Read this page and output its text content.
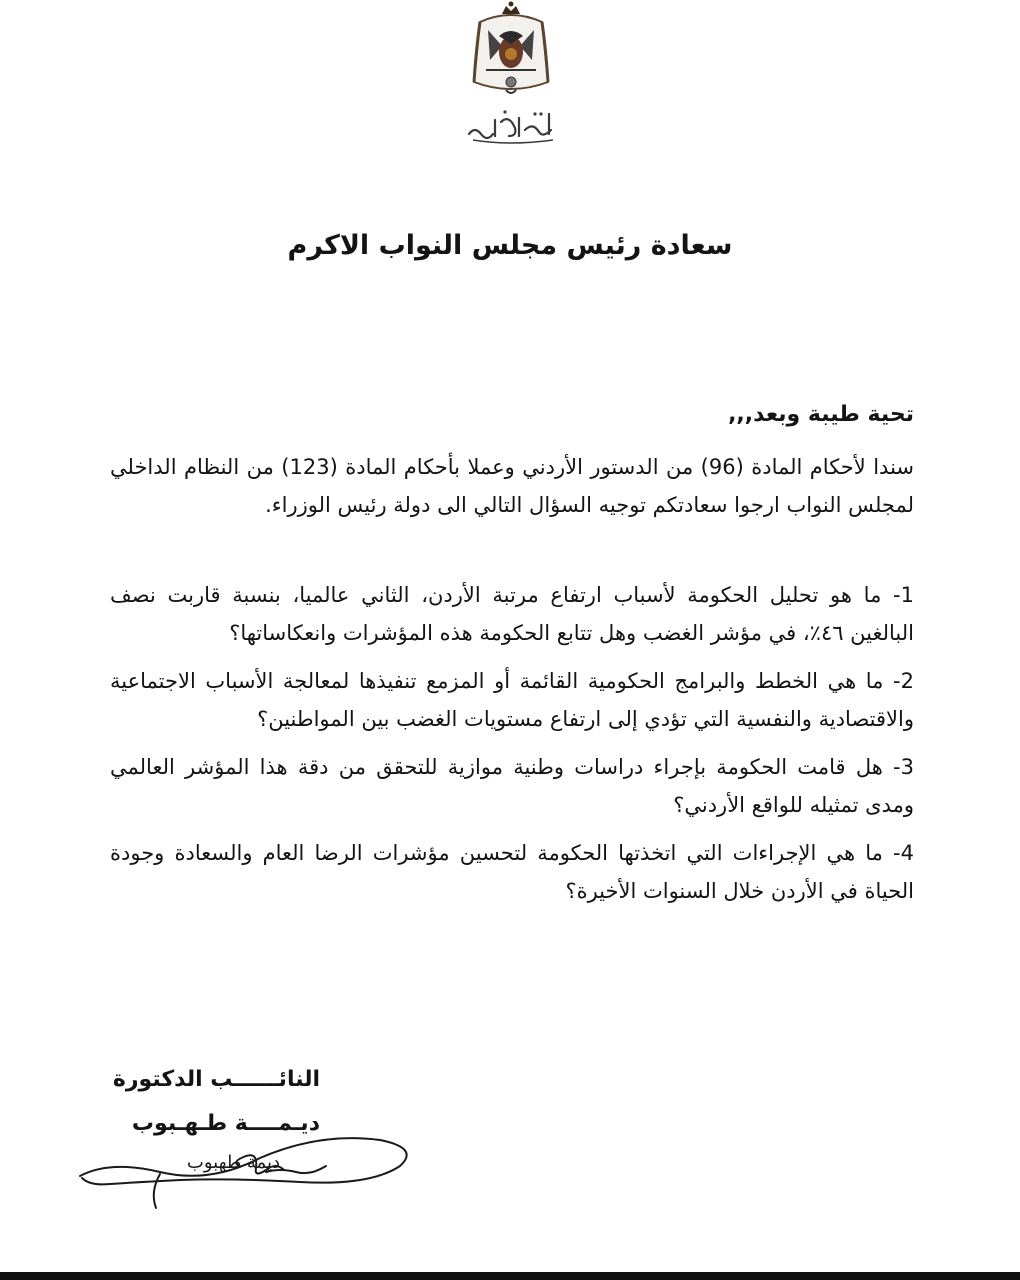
سعادة رئيس مجلس النواب الاكرم
تحية طيبة وبعد,,,
سندا لأحكام المادة (96) من الدستور الأردني وعملا بأحكام المادة (123) من النظام الداخلي لمجلس النواب ارجوا سعادتكم توجيه السؤال التالي الى دولة رئيس الوزراء.
1- ما هو تحليل الحكومة لأسباب ارتفاع مرتبة الأردن، الثاني عالميا، بنسبة قاربت نصف البالغين ٤٦٪، في مؤشر الغضب وهل تتابع الحكومة هذه المؤشرات وانعكاساتها؟
2- ما هي الخطط والبرامج الحكومية القائمة أو المزمع تنفيذها لمعالجة الأسباب الاجتماعية والاقتصادية والنفسية التي تؤدي إلى ارتفاع مستويات الغضب بين المواطنين؟
3- هل قامت الحكومة بإجراء دراسات وطنية موازية للتحقق من دقة هذا المؤشر العالمي ومدى تمثيله للواقع الأردني؟
4- ما هي الإجراءات التي اتخذتها الحكومة لتحسين مؤشرات الرضا العام والسعادة وجودة الحياة في الأردن خلال السنوات الأخيرة؟
النائــــــب الدكتورة
ديـمــــة طـهـبوب
ديمة طهبوب
